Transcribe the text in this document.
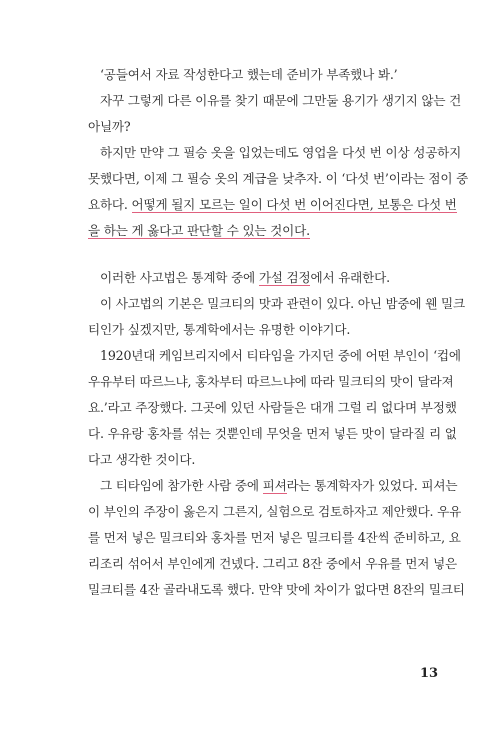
‘공들여서 자료 작성한다고 했는데 준비가 부족했나 봐.’
자꾸 그렇게 다른 이유를 찾기 때문에 그만둘 용기가 생기지 않는 건
아닐까?
하지만 만약 그 필승 옷을 입었는데도 영업을 다섯 번 이상 성공하지
못했다면, 이제 그 필승 옷의 계급을 낮추자. 이 ‘다섯 번’이라는 점이 중
요하다. 어떻게 될지 모르는 일이 다섯 번 이어진다면, 보통은 다섯 번
을 하는 게 옳다고 판단할 수 있는 것이다.
이러한 사고법은 통계학 중에 가설 검정에서 유래한다.
이 사고법의 기본은 밀크티의 맛과 관련이 있다. 아닌 밤중에 웬 밀크
티인가 싶겠지만, 통계학에서는 유명한 이야기다.
1920년대 케임브리지에서 티타임을 가지던 중에 어떤 부인이 ‘컵에
우유부터 따르느냐, 홍차부터 따르느냐에 따라 밀크티의 맛이 달라져
요.’라고 주장했다. 그곳에 있던 사람들은 대개 그럴 리 없다며 부정했
다. 우유랑 홍차를 섞는 것뿐인데 무엇을 먼저 넣든 맛이 달라질 리 없
다고 생각한 것이다.
그 티타임에 참가한 사람 중에 피셔라는 통계학자가 있었다. 피셔는
이 부인의 주장이 옳은지 그른지, 실험으로 검토하자고 제안했다. 우유
를 먼저 넣은 밀크티와 홍차를 먼저 넣은 밀크티를 4잔씩 준비하고, 요
리조리 섞어서 부인에게 건넸다. 그리고 8잔 중에서 우유를 먼저 넣은
밀크티를 4잔 골라내도록 했다. 만약 맛에 차이가 없다면 8잔의 밀크티
13
